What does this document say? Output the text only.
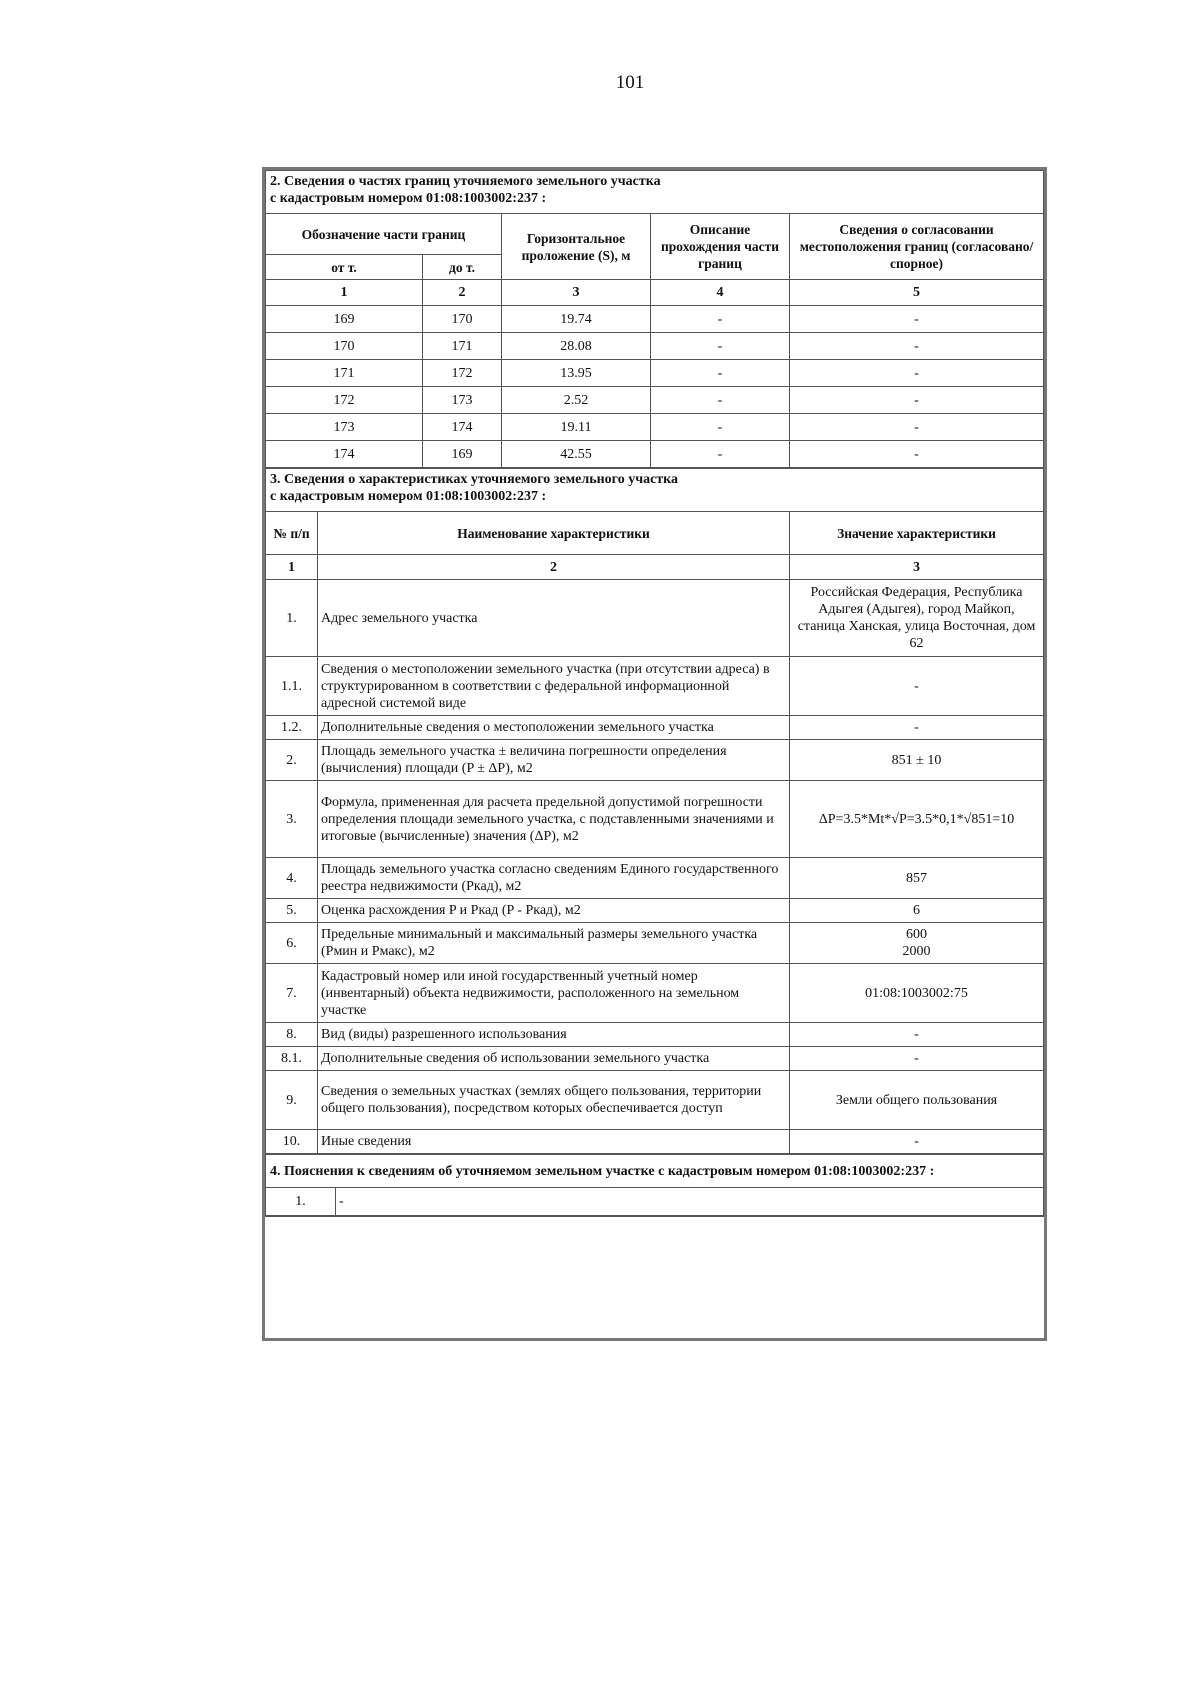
101
2. Сведения о частях границ уточняемого земельного участка
с кадастровым номером 01:08:1003002:237 :				
Обозначение части границ		Горизонтальное проложение (S), м	Описание прохождения части границ	Сведения о согласовании местоположения границ (согласовано/спорное)
от т.	до т.			
1	2	3	4	5
169	170	19.74	-	-
170	171	28.08	-	-
171	172	13.95	-	-
172	173	2.52	-	-
173	174	19.11	-	-
174	169	42.55	-	-
3. Сведения о характеристиках уточняемого земельного участка
с кадастровым номером 01:08:1003002:237 :		
№ п/п	Наименование характеристики	Значение характеристики
1	2	3
1.	Адрес земельного участка	Российская Федерация, Республика Адыгея (Адыгея), город Майкоп, станица Ханская, улица Восточная, дом 62
1.1.	Сведения о местоположении земельного участка (при отсутствии адреса) в структурированном в соответствии с федеральной информационной адресной системой виде	-
1.2.	Дополнительные сведения о местоположении земельного участка	-
2.	Площадь земельного участка ± величина погрешности определения (вычисления) площади (P ± ΔP), м2	851 ± 10
3.	Формула, примененная для расчета предельной допустимой погрешности определения площади земельного участка, с подставленными значениями и итоговые (вычисленные) значения (ΔP), м2	ΔP=3.5*Mt*√P=3.5*0,1*√851=10
4.	Площадь земельного участка согласно сведениям Единого государственного реестра недвижимости (Pкад), м2	857
5.	Оценка расхождения P и Pкад (P - Pкад), м2	6
6.	Предельные минимальный и максимальный размеры земельного участка (Pмин и Pмакс), м2	600
2000
7.	Кадастровый номер или иной государственный учетный номер (инвентарный) объекта недвижимости, расположенного на земельном участке	01:08:1003002:75
8.	Вид (виды) разрешенного использования	-
8.1.	Дополнительные сведения об использовании земельного участка	-
9.	Сведения о земельных участках (землях общего пользования, территории общего пользования), посредством которых обеспечивается доступ	Земли общего пользования
10.	Иные сведения	-
4. Пояснения к сведениям об уточняемом земельном участке с кадастровым номером 01:08:1003002:237 :
1.	-
